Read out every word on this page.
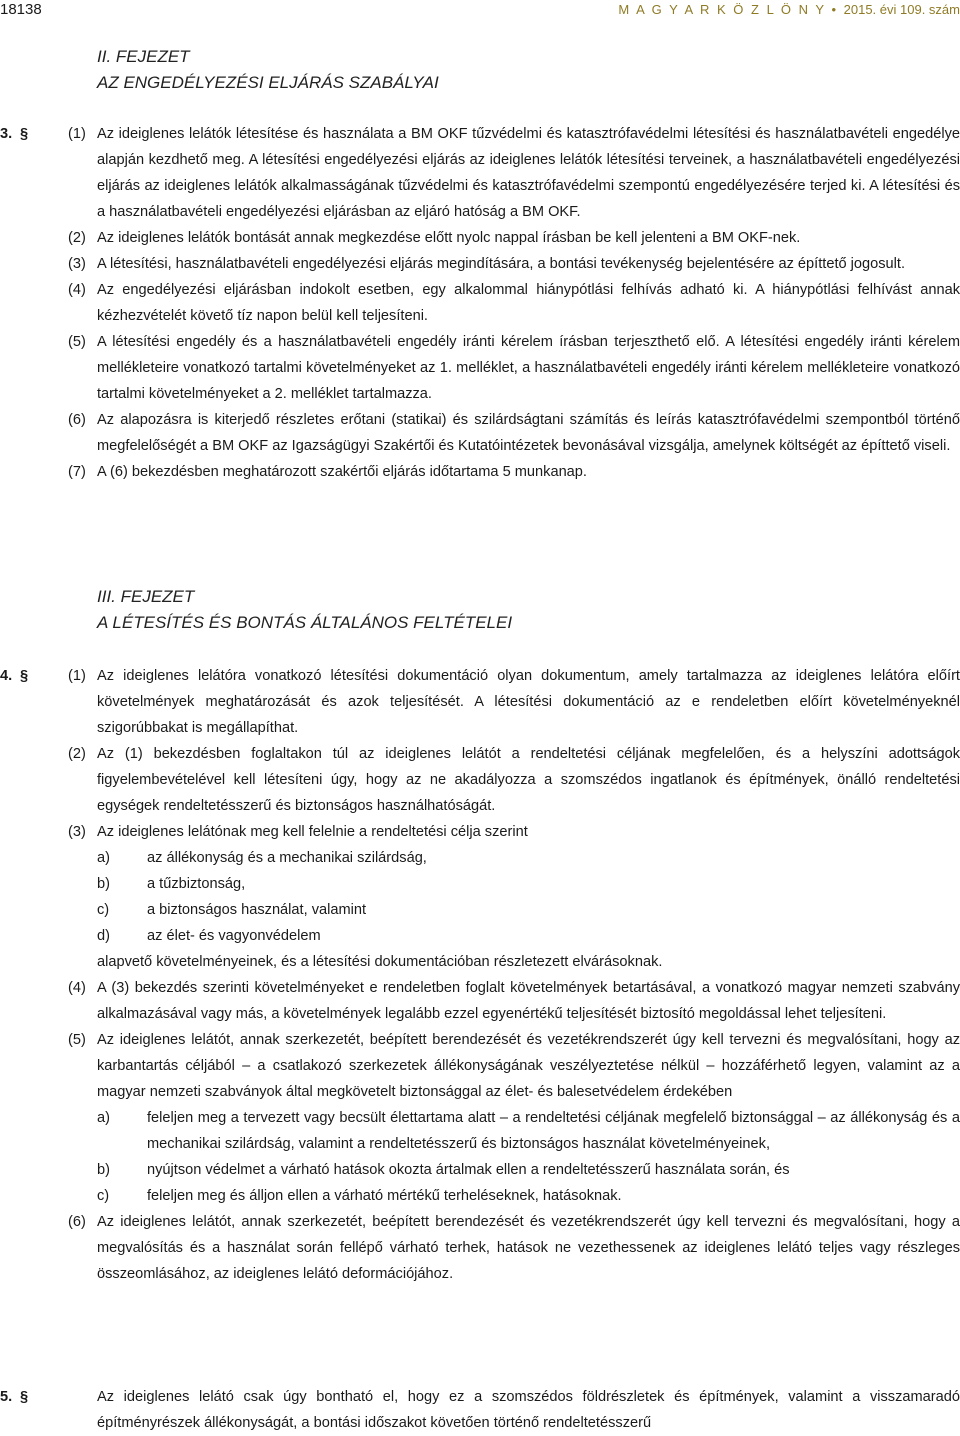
18138	M A G Y A R K Ö Z L Ö N Y • 2015. évi 109. szám
II. FEJEZET
AZ ENGEDÉLYEZÉSI ELJÁRÁS SZABÁLYAI
3. §	(1) Az ideiglenes lelátók létesítése és használata a BM OKF tűzvédelmi és katasztrófavédelmi létesítési és használatbavételi engedélye alapján kezdhető meg. A létesítési engedélyezési eljárás az ideiglenes lelátók létesítési terveinek, a használatbavételi engedélyezési eljárás az ideiglenes lelátók alkalmasságának tűzvédelmi és katasztrófavédelmi szempontú engedélyezésére terjed ki. A létesítési és a használatbavételi engedélyezési eljárásban az eljáró hatóság a BM OKF.
(2) Az ideiglenes lelátók bontását annak megkezdése előtt nyolc nappal írásban be kell jelenteni a BM OKF-nek.
(3) A létesítési, használatbavételi engedélyezési eljárás megindítására, a bontási tevékenység bejelentésére az építtető jogosult.
(4) Az engedélyezési eljárásban indokolt esetben, egy alkalommal hiánypótlási felhívás adható ki. A hiánypótlási felhívást annak kézhezvételét követő tíz napon belül kell teljesíteni.
(5) A létesítési engedély és a használatbavételi engedély iránti kérelem írásban terjeszthető elő. A létesítési engedély iránti kérelem mellékleteire vonatkozó tartalmi követelményeket az 1. melléklet, a használatbavételi engedély iránti kérelem mellékleteire vonatkozó tartalmi követelményeket a 2. melléklet tartalmazza.
(6) Az alapozásra is kiterjedő részletes erőtani (statikai) és szilárdságtani számítás és leírás katasztrófavédelmi szempontból történő megfelelőségét a BM OKF az Igazságügyi Szakértői és Kutatóintézetek bevonásával vizsgálja, amelynek költségét az építtető viseli.
(7) A (6) bekezdésben meghatározott szakértői eljárás időtartama 5 munkanap.
III. FEJEZET
A LÉTESÍTÉS ÉS BONTÁS ÁLTALÁNOS FELTÉTELEI
4. §	(1) Az ideiglenes lelátóra vonatkozó létesítési dokumentáció olyan dokumentum, amely tartalmazza az ideiglenes lelátóra előírt követelmények meghatározását és azok teljesítését. A létesítési dokumentáció az e rendeletben előírt követelményeknél szigorúbbakat is megállapíthat.
(2) Az (1) bekezdésben foglaltakon túl az ideiglenes lelátót a rendeltetési céljának megfelelően, és a helyszíni adottságok figyelembevételével kell létesíteni úgy, hogy az ne akadályozza a szomszédos ingatlanok és építmények, önálló rendeltetési egységek rendeltetésszerű és biztonságos használhatóságát.
(3) Az ideiglenes lelátónak meg kell felelnie a rendeltetési célja szerint
a)	az állékonyság és a mechanikai szilárdság,
b)	a tűzbiztonság,
c)	a biztonságos használat, valamint
d)	az élet- és vagyonvédelem
alapvető követelményeinek, és a létesítési dokumentációban részletezett elvárásoknak.
(4) A (3) bekezdés szerinti követelményeket e rendeletben foglalt követelmények betartásával, a vonatkozó magyar nemzeti szabvány alkalmazásával vagy más, a követelmények legalább ezzel egyenértékű teljesítését biztosító megoldással lehet teljesíteni.
(5) Az ideiglenes lelátót, annak szerkezetét, beépített berendezését és vezetékrendszerét úgy kell tervezni és megvalósítani, hogy az karbantartás céljából – a csatlakozó szerkezetek állékonyságának veszélyeztetése nélkül – hozzáférhető legyen, valamint az a magyar nemzeti szabványok által megkövetelt biztonsággal az élet- és balesetvédelem érdekében
a)	feleljen meg a tervezett vagy becsült élettartama alatt – a rendeltetési céljának megfelelő biztonsággal – az állékonyság és a mechanikai szilárdság, valamint a rendeltetésszerű és biztonságos használat követelményeinek,
b)	nyújtson védelmet a várható hatások okozta ártalmak ellen a rendeltetésszerű használata során, és
c)	feleljen meg és álljon ellen a várható mértékű terheléseknek, hatásoknak.
(6) Az ideiglenes lelátót, annak szerkezetét, beépített berendezését és vezetékrendszerét úgy kell tervezni és megvalósítani, hogy a megvalósítás és a használat során fellépő várható terhek, hatások ne vezethessenek az ideiglenes lelátó teljes vagy részleges összeomlásához, az ideiglenes lelátó deformációjához.
5. §	Az ideiglenes lelátó csak úgy bontható el, hogy ez a szomszédos földrészletek és építmények, valamint a visszamaradó építményrészek állékonyságát, a bontási időszakot követően történő rendeltetésszerű
